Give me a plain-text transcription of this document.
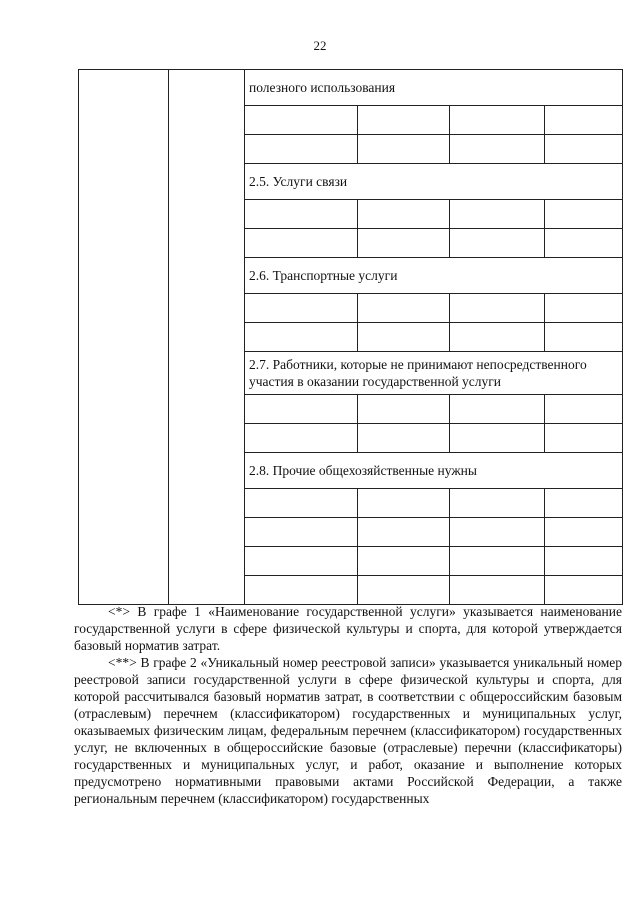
22
		полезного использования				

		2.5. Услуги связи				

		2.6. Транспортные услуги				

		2.7. Работники, которые не принимают непосредственного участия в оказании государственной услуги				

		2.8. Прочие общехозяйственные нужны				

<*> В графе 1 «Наименование государственной услуги» указывается наименование государственной услуги в сфере физической культуры и спорта, для которой утверждается базовый норматив затрат.

<**> В графе 2 «Уникальный номер реестровой записи» указывается уникальный номер реестровой записи государственной услуги в сфере физической культуры и спорта, для которой рассчитывался базовый норматив затрат, в соответствии с общероссийским базовым (отраслевым) перечнем (классификатором) государственных и муниципальных услуг, оказываемых физическим лицам, федеральным перечнем (классификатором) государственных услуг, не включенных в общероссийские базовые (отраслевые) перечни (классификаторы) государственных и муниципальных услуг, и работ, оказание и выполнение которых предусмотрено нормативными правовыми актами Российской Федерации, а также региональным перечнем (классификатором) государственных
